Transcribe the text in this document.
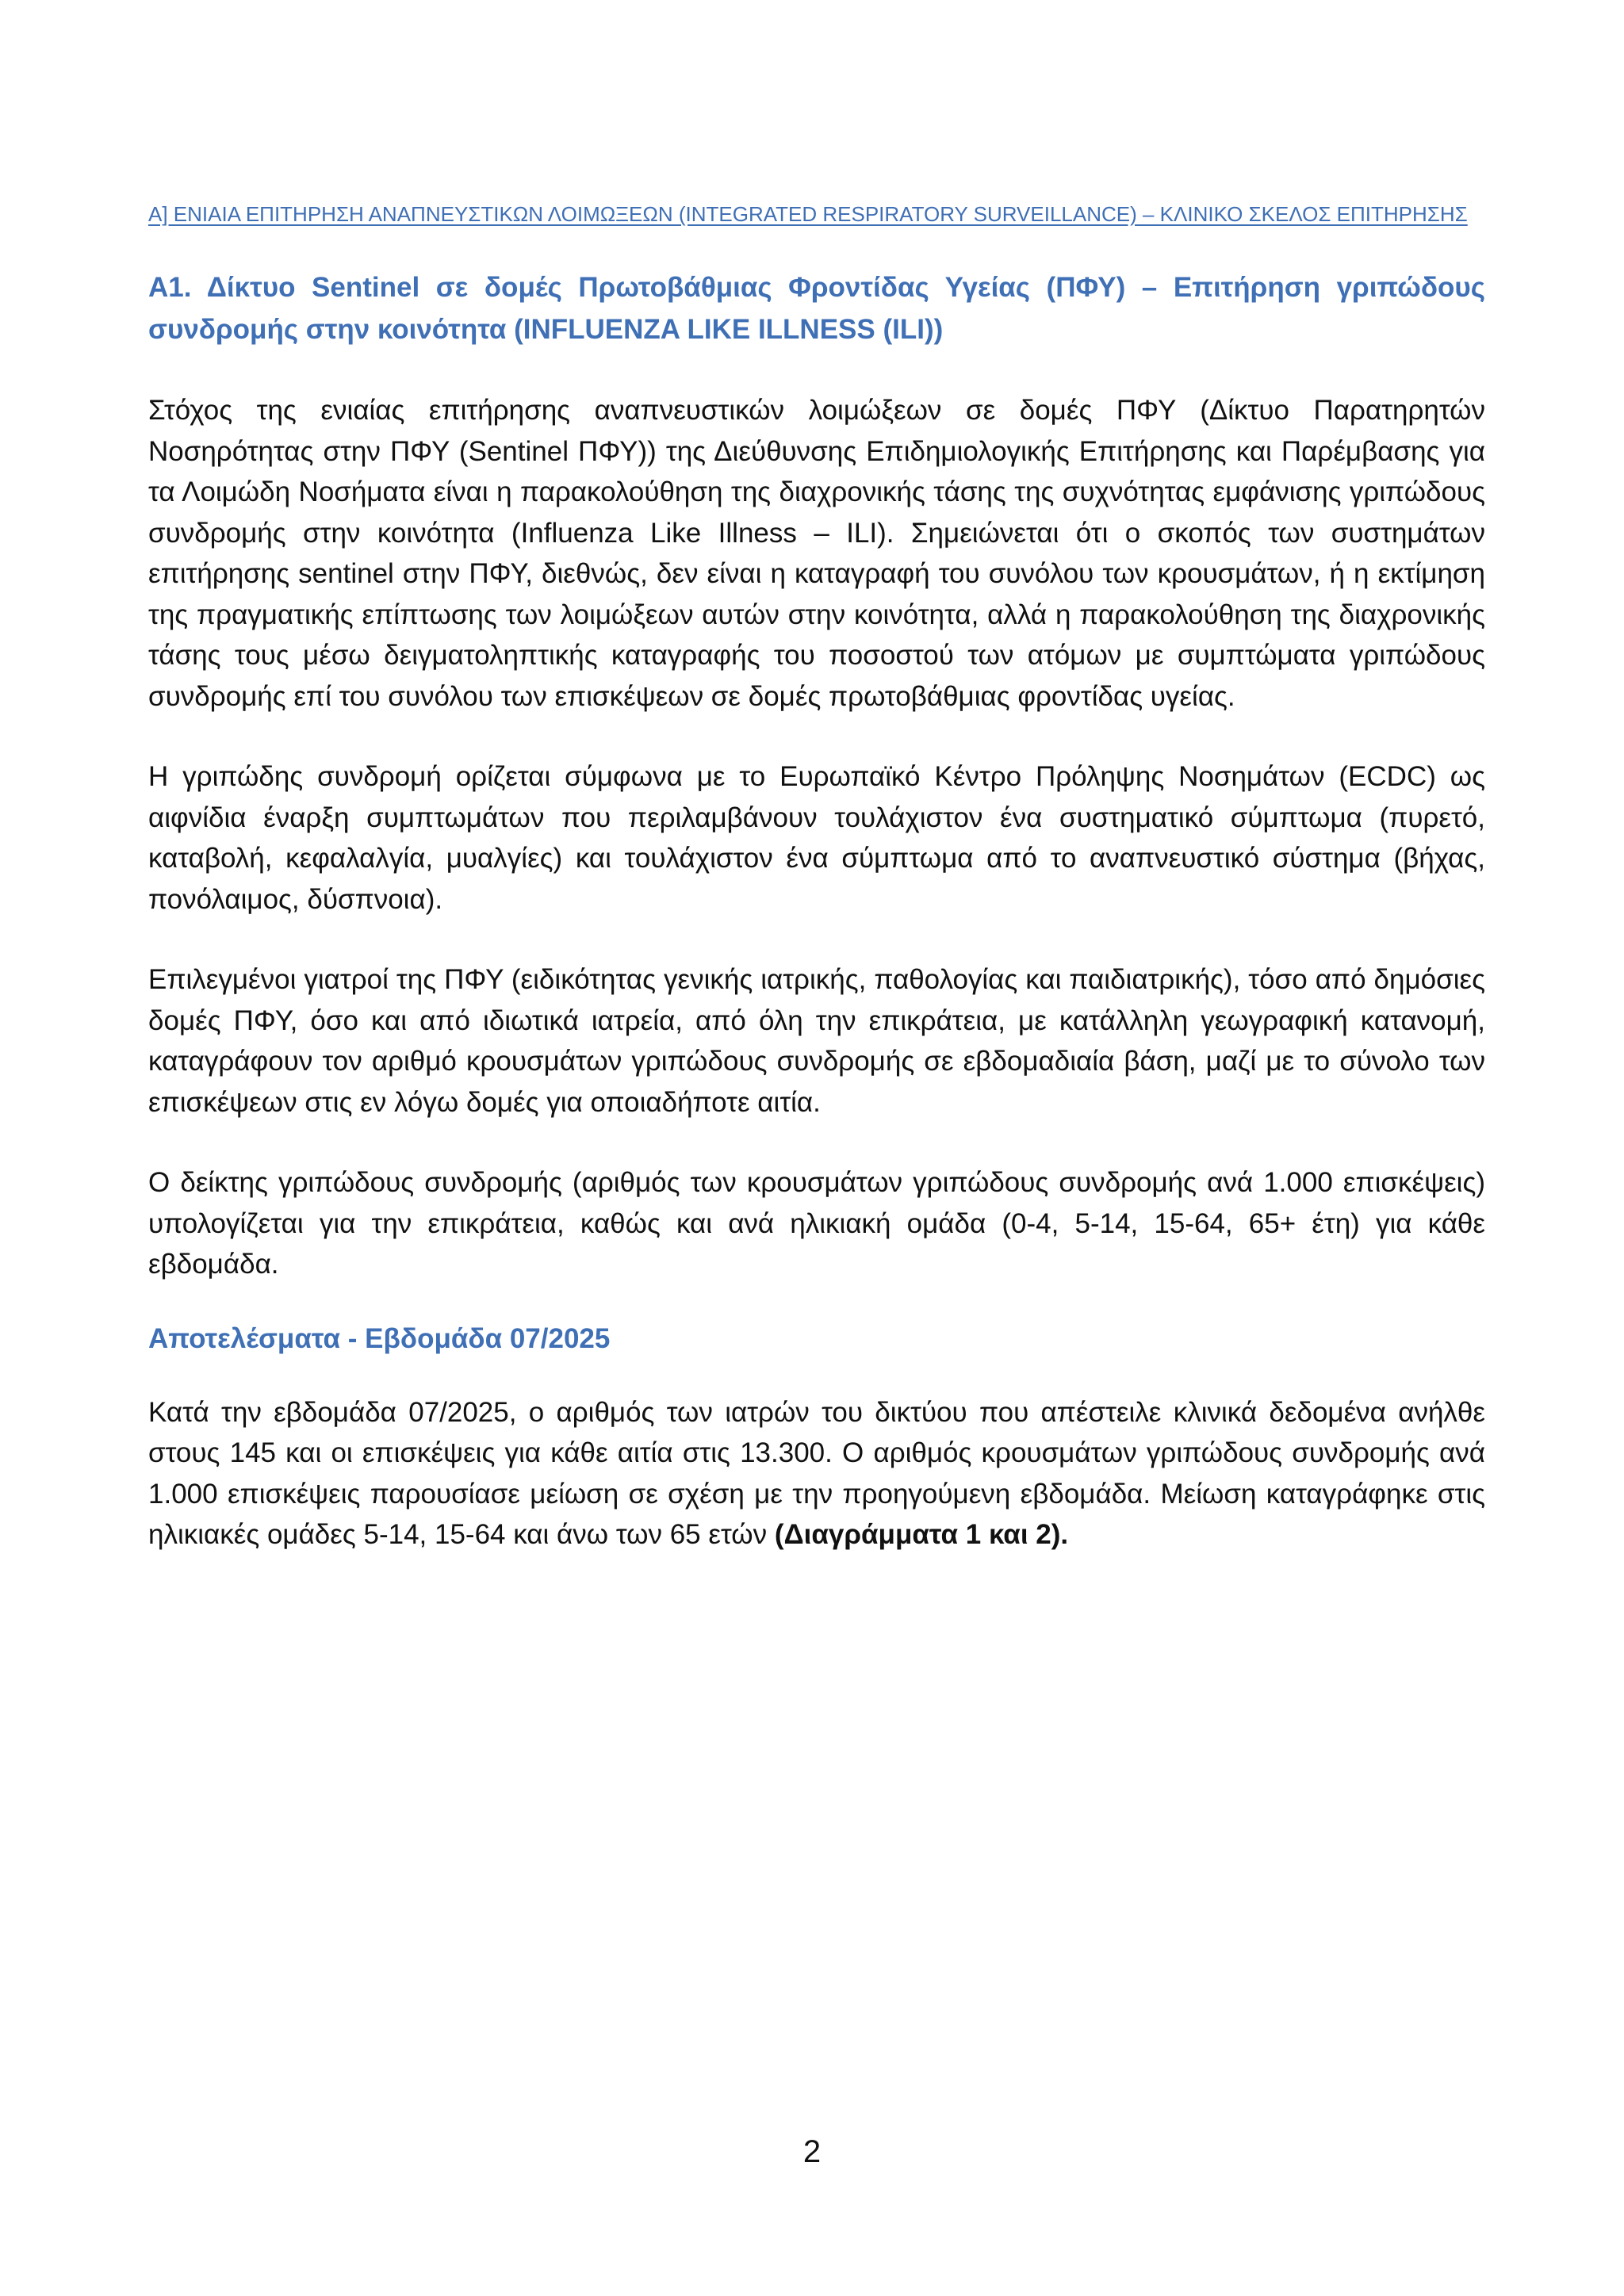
Α] ΕΝΙΑΙΑ ΕΠΙΤΗΡΗΣΗ ΑΝΑΠΝΕΥΣΤΙΚΩΝ ΛΟΙΜΩΞΕΩΝ (INTEGRATED RESPIRATORY SURVEILLANCE) – ΚΛΙΝΙΚΟ ΣΚΕΛΟΣ ΕΠΙΤΗΡΗΣΗΣ

Α1. Δίκτυο Sentinel σε δομές Πρωτοβάθμιας Φροντίδας Υγείας (ΠΦΥ) – Επιτήρηση γριπώδους συνδρομής στην κοινότητα (INFLUENZA LIKE ILLNESS (ILI))

Στόχος της ενιαίας επιτήρησης αναπνευστικών λοιμώξεων σε δομές ΠΦΥ (Δίκτυο Παρατηρητών Νοσηρότητας στην ΠΦΥ (Sentinel ΠΦΥ)) της Διεύθυνσης Επιδημιολογικής Επιτήρησης και Παρέμβασης για τα Λοιμώδη Νοσήματα είναι η παρακολούθηση της διαχρονικής τάσης της συχνότητας εμφάνισης γριπώδους συνδρομής στην κοινότητα (Influenza Like Illness – ILI). Σημειώνεται ότι ο σκοπός των συστημάτων επιτήρησης sentinel στην ΠΦΥ, διεθνώς, δεν είναι η καταγραφή του συνόλου των κρουσμάτων, ή η εκτίμηση της πραγματικής επίπτωσης των λοιμώξεων αυτών στην κοινότητα, αλλά η παρακολούθηση της διαχρονικής τάσης τους μέσω δειγματοληπτικής καταγραφής του ποσοστού των ατόμων με συμπτώματα γριπώδους συνδρομής επί του συνόλου των επισκέψεων σε δομές πρωτοβάθμιας φροντίδας υγείας.

Η γριπώδης συνδρομή ορίζεται σύμφωνα με το Ευρωπαϊκό Κέντρο Πρόληψης Νοσημάτων (ECDC) ως αιφνίδια έναρξη συμπτωμάτων που περιλαμβάνουν τουλάχιστον ένα συστηματικό σύμπτωμα (πυρετό, καταβολή, κεφαλαλγία, μυαλγίες) και τουλάχιστον ένα σύμπτωμα από το αναπνευστικό σύστημα (βήχας, πονόλαιμος, δύσπνοια).

Επιλεγμένοι γιατροί της ΠΦΥ (ειδικότητας γενικής ιατρικής, παθολογίας και παιδιατρικής), τόσο από δημόσιες δομές ΠΦΥ, όσο και από ιδιωτικά ιατρεία, από όλη την επικράτεια, με κατάλληλη γεωγραφική κατανομή, καταγράφουν τον αριθμό κρουσμάτων γριπώδους συνδρομής σε εβδομαδιαία βάση, μαζί με το σύνολο των επισκέψεων στις εν λόγω δομές για οποιαδήποτε αιτία.

Ο δείκτης γριπώδους συνδρομής (αριθμός των κρουσμάτων γριπώδους συνδρομής ανά 1.000 επισκέψεις) υπολογίζεται για την επικράτεια, καθώς και ανά ηλικιακή ομάδα (0-4, 5-14, 15-64, 65+ έτη) για κάθε εβδομάδα.

Αποτελέσματα - Εβδομάδα 07/2025

Κατά την εβδομάδα 07/2025, ο αριθμός των ιατρών του δικτύου που απέστειλε κλινικά δεδομένα ανήλθε στους 145 και οι επισκέψεις για κάθε αιτία στις 13.300. Ο αριθμός κρουσμάτων γριπώδους συνδρομής ανά 1.000 επισκέψεις παρουσίασε μείωση σε σχέση με την προηγούμενη εβδομάδα. Μείωση καταγράφηκε στις ηλικιακές ομάδες 5-14, 15-64 και άνω των 65 ετών (Διαγράμματα 1 και 2).

2
